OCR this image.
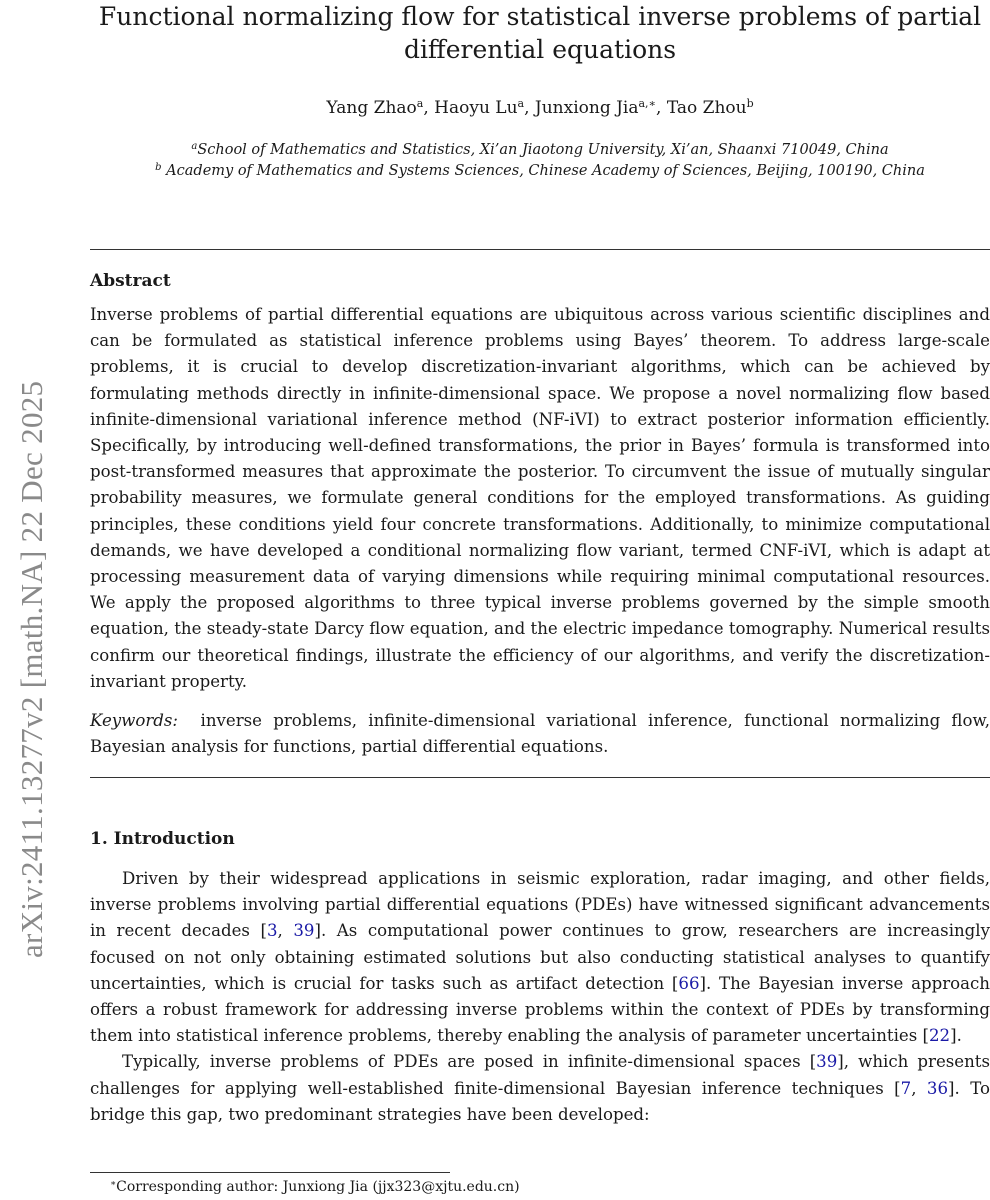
arXiv:2411.13277v2 [math.NA] 22 Dec 2025
Functional normalizing flow for statistical inverse problems of partial differential equations
Yang Zhao$^a$, Haoyu Lu$^a$, Junxiong Jia$^{a,∗}$, Tao Zhou$^b$
$^a$School of Mathematics and Statistics, Xi’an Jiaotong University, Xi’an, Shaanxi 710049, China
$^b$ Academy of Mathematics and Systems Sciences, Chinese Academy of Sciences, Beijing, 100190, China
Abstract

Inverse problems of partial differential equations are ubiquitous across various scientific disciplines and can be formulated as statistical inference problems using Bayes’ theorem. To address large-scale problems, it is crucial to develop discretization-invariant algorithms, which can be achieved by formulating methods directly in infinite-dimensional space. We propose a novel normalizing flow based infinite-dimensional variational inference method (NF-iVI) to extract posterior information efficiently. Specifically, by introducing well-defined transformations, the prior in Bayes’ formula is transformed into post-transformed measures that approximate the posterior. To circumvent the issue of mutually singular probability measures, we formulate general conditions for the employed transformations. As guiding principles, these conditions yield four concrete transformations. Additionally, to minimize computational demands, we have developed a conditional normalizing flow variant, termed CNF-iVI, which is adapt at processing measurement data of varying dimensions while requiring minimal computational resources. We apply the proposed algorithms to three typical inverse problems governed by the simple smooth equation, the steady-state Darcy flow equation, and the electric impedance tomography. Numerical results confirm our theoretical findings, illustrate the efficiency of our algorithms, and verify the discretization-invariant property.

Keywords: inverse problems, infinite-dimensional variational inference, functional normalizing flow, Bayesian analysis for functions, partial differential equations.

1. Introduction

Driven by their widespread applications in seismic exploration, radar imaging, and other fields, inverse problems involving partial differential equations (PDEs) have witnessed significant advancements in recent decades [3, 39]. As computational power continues to grow, researchers are increasingly focused on not only obtaining estimated solutions but also conducting statistical analyses to quantify uncertainties, which is crucial for tasks such as artifact detection [66]. The Bayesian inverse approach offers a robust framework for addressing inverse problems within the context of PDEs by transforming them into statistical inference problems, thereby enabling the analysis of parameter uncertainties [22].

Typically, inverse problems of PDEs are posed in infinite-dimensional spaces [39], which presents challenges for applying well-established finite-dimensional Bayesian inference techniques [7, 36]. To bridge this gap, two predominant strategies have been developed:

∗Corresponding author: Junxiong Jia (jjx323@xjtu.edu.cn)
